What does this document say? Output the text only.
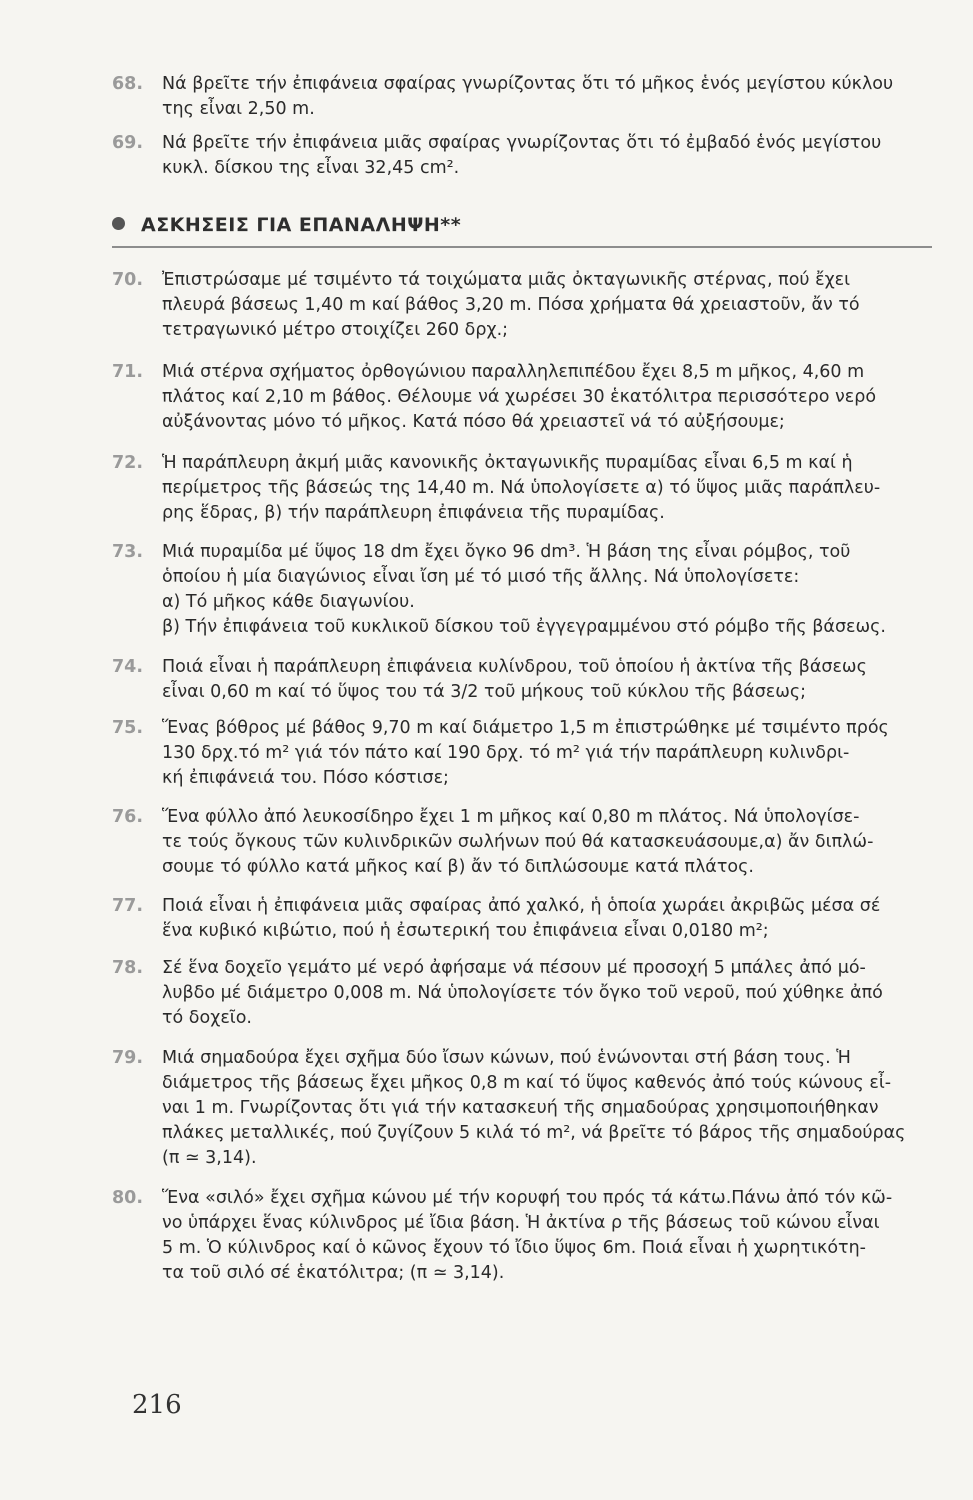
68.	Νά βρεῖτε τήν ἐπιφάνεια σφαίρας γνωρίζοντας ὅτι τό μῆκος ἑνός μεγίστου κύκλου
της εἶναι 2,50 m.
69.	Νά βρεῖτε τήν ἐπιφάνεια μιᾶς σφαίρας γνωρίζοντας ὅτι τό ἐμβαδό ἑνός μεγίστου
κυκλ. δίσκου της εἶναι 32,45 cm².
ΑΣΚΗΣΕΙΣ ΓΙΑ ΕΠΑΝΑΛΗΨΗ**
70.	Ἐπιστρώσαμε μέ τσιμέντο τά τοιχώματα μιᾶς ὀκταγωνικῆς στέρνας, πού ἔχει
πλευρά βάσεως 1,40 m καί βάθος 3,20 m. Πόσα χρήματα θά χρειαστοῦν, ἄν τό
τετραγωνικό μέτρο στοιχίζει 260 δρχ.;
71.	Μιά στέρνα σχήματος ὀρθογώνιου παραλληλεπιπέδου ἔχει 8,5 m μῆκος, 4,60 m
πλάτος καί 2,10 m βάθος. Θέλουμε νά χωρέσει 30 ἑκατόλιτρα περισσότερο νερό
αὐξάνοντας μόνο τό μῆκος. Κατά πόσο θά χρειαστεῖ νά τό αὐξήσουμε;
72.	Ἡ παράπλευρη ἀκμή μιᾶς κανονικῆς ὀκταγωνικῆς πυραμίδας εἶναι 6,5 m καί ἡ
περίμετρος τῆς βάσεώς της 14,40 m. Νά ὑπολογίσετε α) τό ὕψος μιᾶς παράπλευ-
ρης ἕδρας, β) τήν παράπλευρη ἐπιφάνεια τῆς πυραμίδας.
73.	Μιά πυραμίδα μέ ὕψος 18 dm ἔχει ὄγκο 96 dm³. Ἡ βάση της εἶναι ρόμβος, τοῦ
ὁποίου ἡ μία διαγώνιος εἶναι ἴση μέ τό μισό τῆς ἄλλης. Νά ὑπολογίσετε:
α) Τό μῆκος κάθε διαγωνίου.
β) Τήν ἐπιφάνεια τοῦ κυκλικοῦ δίσκου τοῦ ἐγγεγραμμένου στό ρόμβο τῆς βάσεως.
74.	Ποιά εἶναι ἡ παράπλευρη ἐπιφάνεια κυλίνδρου, τοῦ ὁποίου ἡ ἀκτίνα τῆς βάσεως
εἶναι 0,60 m καί τό ὕψος του τά 3/2 τοῦ μήκους τοῦ κύκλου τῆς βάσεως;
75.	Ἕνας βόθρος μέ βάθος 9,70 m καί διάμετρο 1,5 m ἐπιστρώθηκε μέ τσιμέντο πρός
130 δρχ.τό m² γιά τόν πάτο καί 190 δρχ. τό m² γιά τήν παράπλευρη κυλινδρι-
κή ἐπιφάνειά του. Πόσο κόστισε;
76.	Ἕνα φύλλο ἀπό λευκοσίδηρο ἔχει 1 m μῆκος καί 0,80 m πλάτος. Νά ὑπολογίσε-
τε τούς ὄγκους τῶν κυλινδρικῶν σωλήνων πού θά κατασκευάσουμε,α) ἄν διπλώ-
σουμε τό φύλλο κατά μῆκος καί β) ἄν τό διπλώσουμε κατά πλάτος.
77.	Ποιά εἶναι ἡ ἐπιφάνεια μιᾶς σφαίρας ἀπό χαλκό, ἡ ὁποία χωράει ἀκριβῶς μέσα σέ
ἕνα κυβικό κιβώτιο, πού ἡ ἐσωτερική του ἐπιφάνεια εἶναι 0,0180 m²;
78.	Σέ ἕνα δοχεῖο γεμάτο μέ νερό ἀφήσαμε νά πέσουν μέ προσοχή 5 μπάλες ἀπό μό-
λυβδο μέ διάμετρο 0,008 m. Νά ὑπολογίσετε τόν ὄγκο τοῦ νεροῦ, πού χύθηκε ἀπό
τό δοχεῖο.
79.	Μιά σημαδούρα ἔχει σχῆμα δύο ἴσων κώνων, πού ἑνώνονται στή βάση τους. Ἡ
διάμετρος τῆς βάσεως ἔχει μῆκος 0,8 m καί τό ὕψος καθενός ἀπό τούς κώνους εἶ-
ναι 1 m. Γνωρίζοντας ὅτι γιά τήν κατασκευή τῆς σημαδούρας χρησιμοποιήθηκαν
πλάκες μεταλλικές, πού ζυγίζουν 5 κιλά τό m², νά βρεῖτε τό βάρος τῆς σημαδούρας
(π ≃ 3,14).
80.	Ἕνα «σιλό» ἔχει σχῆμα κώνου μέ τήν κορυφή του πρός τά κάτω.Πάνω ἀπό τόν κῶ-
νο ὑπάρχει ἕνας κύλινδρος μέ ἴδια βάση. Ἡ ἀκτίνα ρ τῆς βάσεως τοῦ κώνου εἶναι
5 m. Ὁ κύλινδρος καί ὁ κῶνος ἔχουν τό ἴδιο ὕψος 6m. Ποιά εἶναι ἡ χωρητικότη-
τα τοῦ σιλό σέ ἑκατόλιτρα; (π ≃ 3,14).
216
